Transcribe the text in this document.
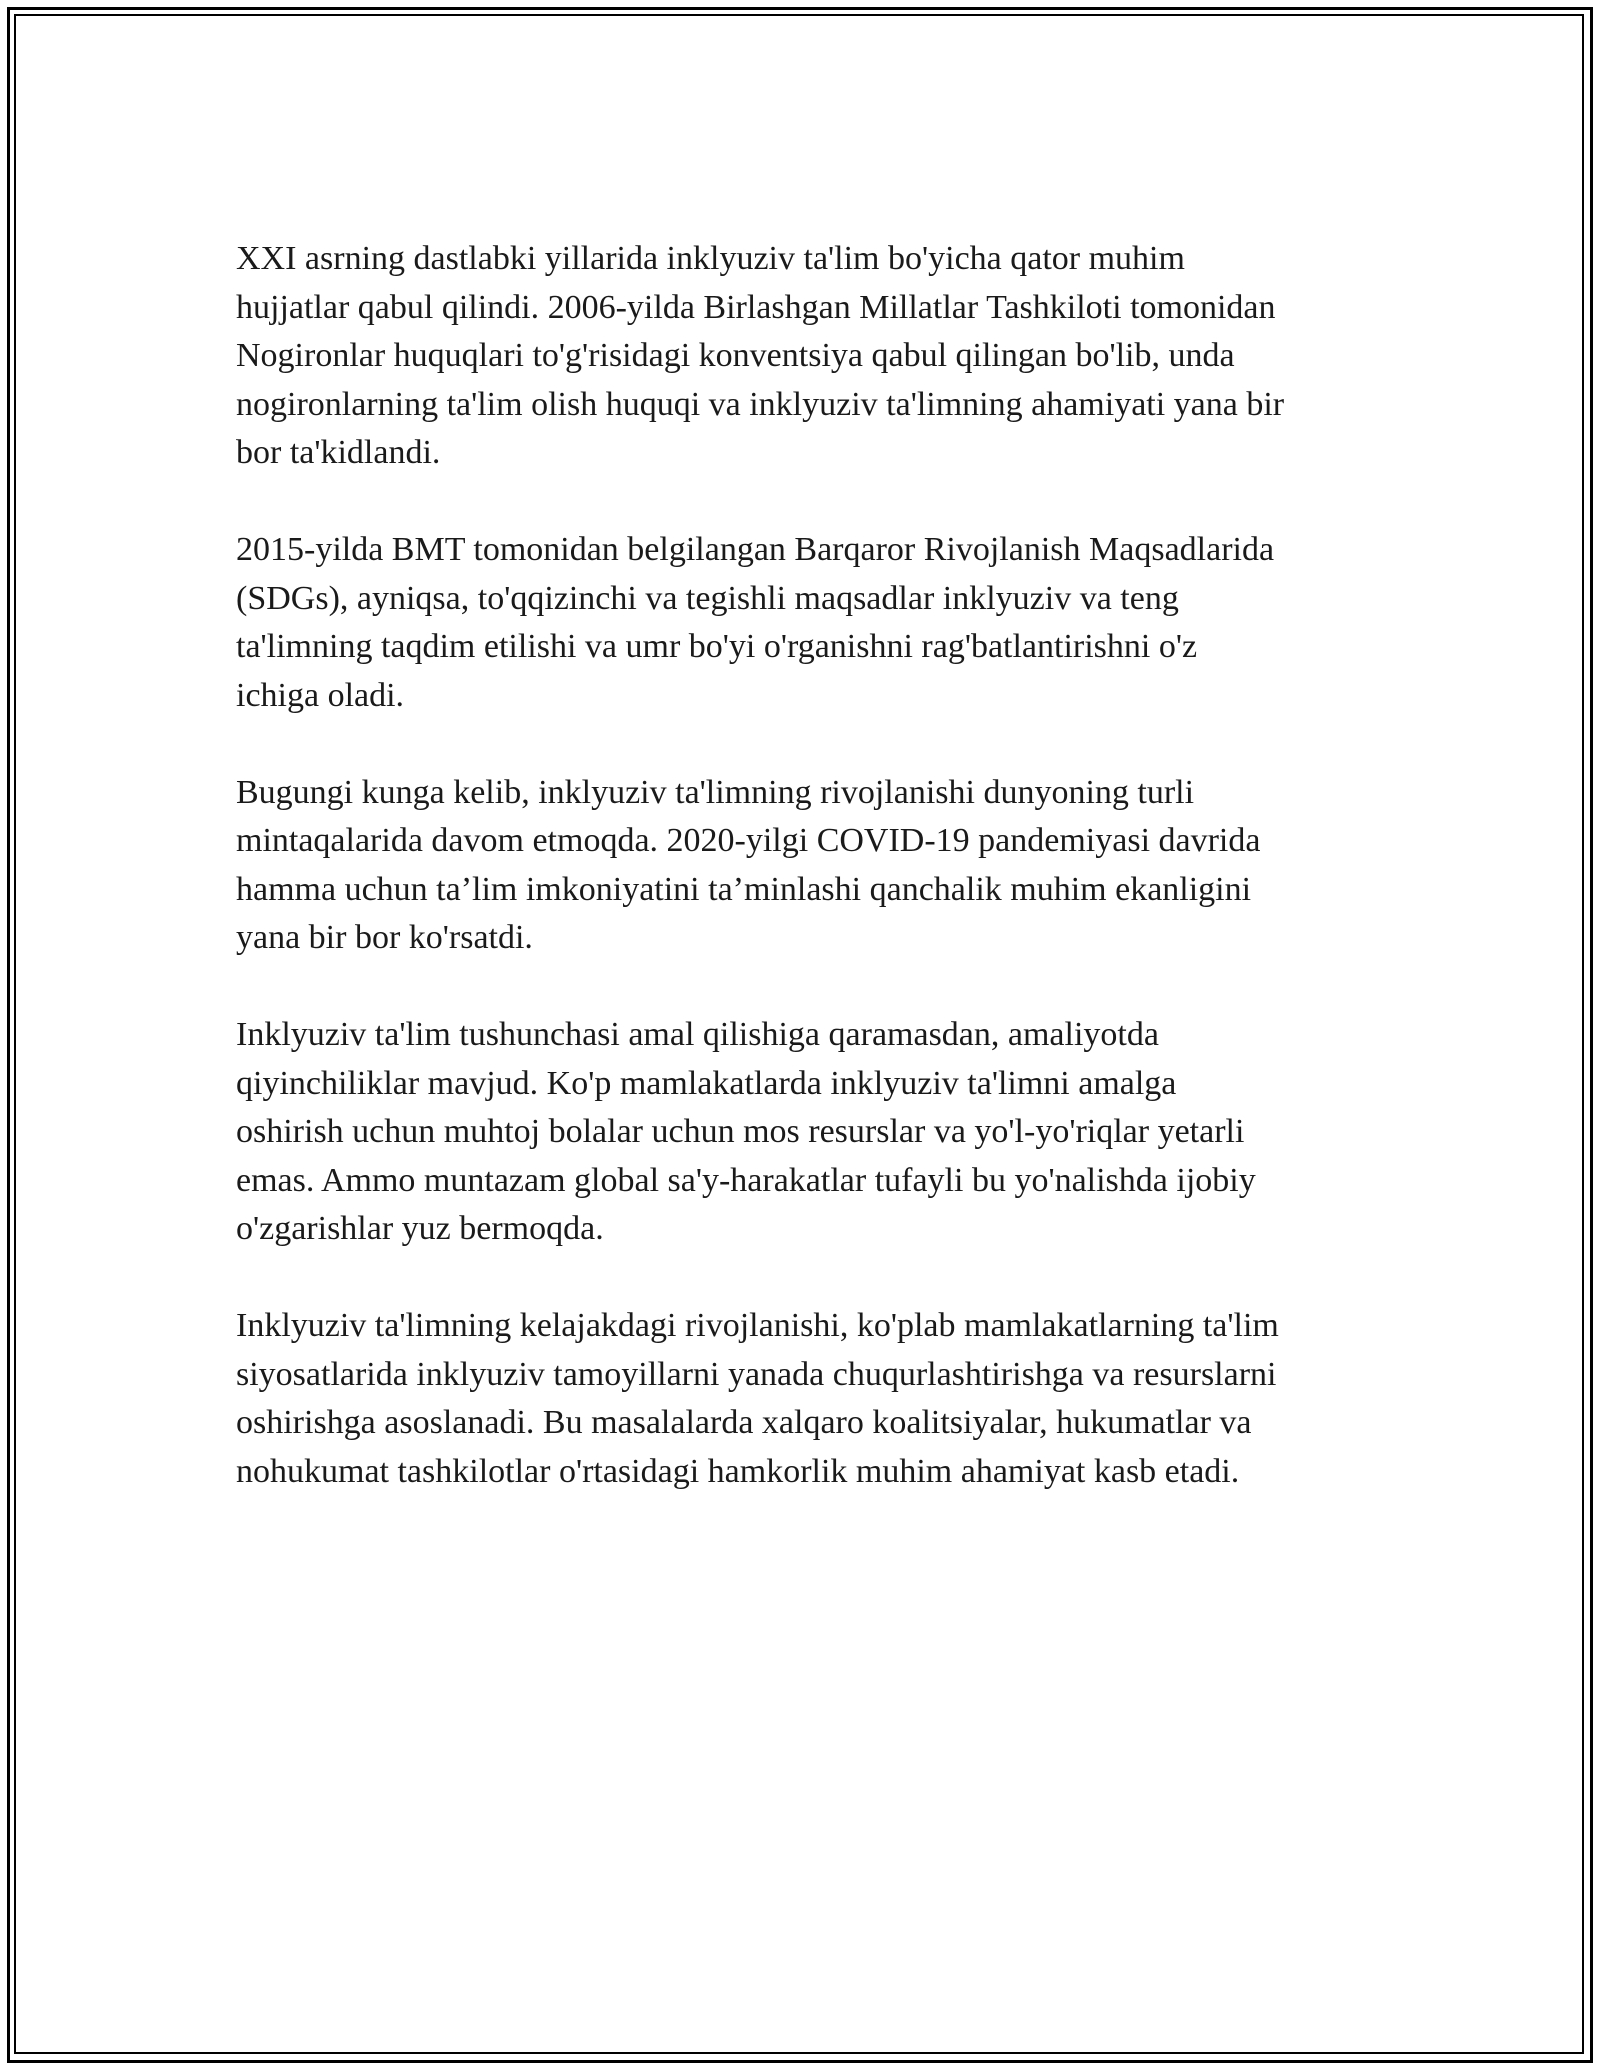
XXI asrning dastlabki yillarida inklyuziv ta'lim bo'yicha qator muhim
hujjatlar qabul qilindi. 2006-yilda Birlashgan Millatlar Tashkiloti tomonidan
Nogironlar huquqlari to'g'risidagi konventsiya qabul qilingan bo'lib, unda
nogironlarning ta'lim olish huquqi va inklyuziv ta'limning ahamiyati yana bir
bor ta'kidlandi.

2015-yilda BMT tomonidan belgilangan Barqaror Rivojlanish Maqsadlarida
(SDGs), ayniqsa, to'qqizinchi va tegishli maqsadlar inklyuziv va teng
ta'limning taqdim etilishi va umr bo'yi o'rganishni rag'batlantirishni o'z
ichiga oladi.

Bugungi kunga kelib, inklyuziv ta'limning rivojlanishi dunyoning turli
mintaqalarida davom etmoqda. 2020-yilgi COVID-19 pandemiyasi davrida
hamma uchun ta’lim imkoniyatini ta’minlashi qanchalik muhim ekanligini
yana bir bor ko'rsatdi.

Inklyuziv ta'lim tushunchasi amal qilishiga qaramasdan, amaliyotda
qiyinchiliklar mavjud. Ko'p mamlakatlarda inklyuziv ta'limni amalga
oshirish uchun muhtoj bolalar uchun mos resurslar va yo'l-yo'riqlar yetarli
emas. Ammo muntazam global sa'y-harakatlar tufayli bu yo'nalishda ijobiy
o'zgarishlar yuz bermoqda.

Inklyuziv ta'limning kelajakdagi rivojlanishi, ko'plab mamlakatlarning ta'lim
siyosatlarida inklyuziv tamoyillarni yanada chuqurlashtirishga va resurslarni
oshirishga asoslanadi. Bu masalalarda xalqaro koalitsiyalar, hukumatlar va
nohukumat tashkilotlar o'rtasidagi hamkorlik muhim ahamiyat kasb etadi.
